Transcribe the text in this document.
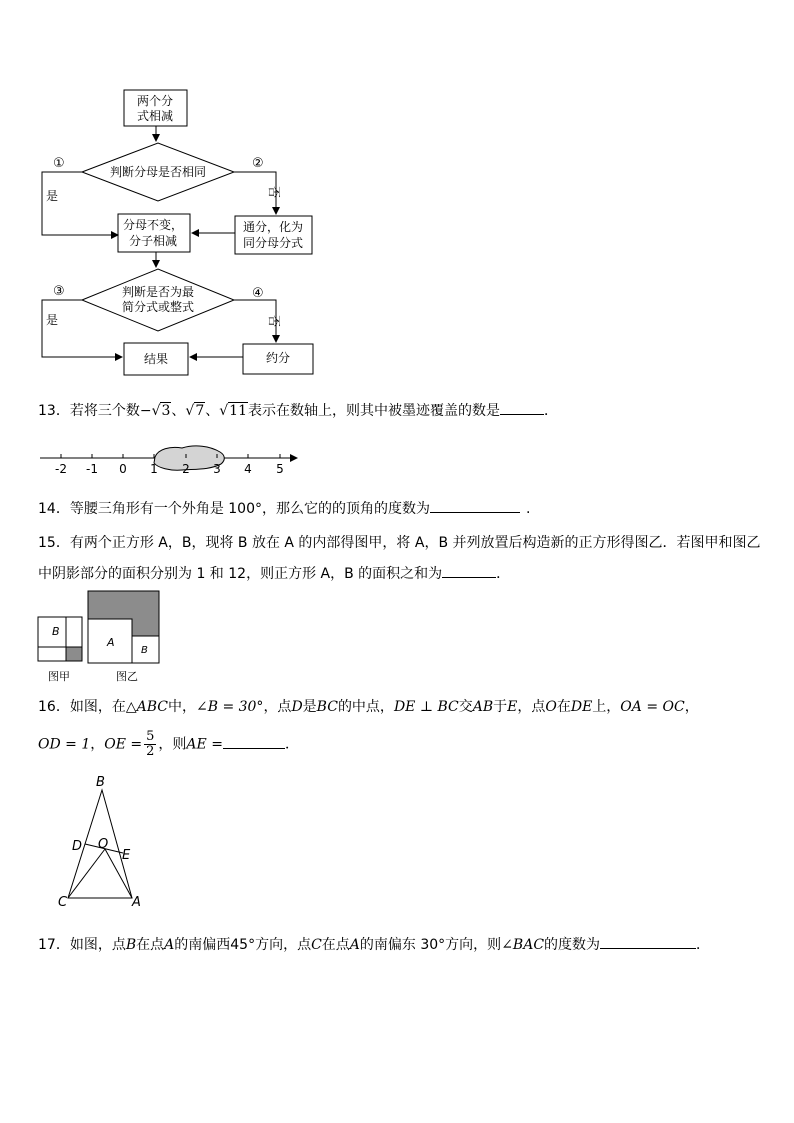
两个分
式相减
判断分母是否相同
分母不变，
分子相减
通分，化为
同分母分式
判断是否为最
简分式或整式
结果	约分
①	②
③	④
是
是
否
否
13．若将三个数−√3、√7、√11表示在数轴上，则其中被墨迹覆盖的数是	．
-2 -1 0 1 2 3 4 5
14．等腰三角形有一个外角是 100°，那么它的的顶角的度数为	.
15．有两个正方形 A，B，现将 B 放在 A 的内部得图甲，将 A，B 并列放置后构造新的正方形得图乙．若图甲和图乙
中阴影部分的面积分别为 1 和 12，则正方形 A，B 的面积之和为	．
B
A
B
图甲	图乙
16．如图，在△ABC中，∠B = 30°，点D是BC的中点，DE ⊥ BC交AB于E，点O在DE上，OA = OC，
OD = 1，OE = $\frac{5}{2}$ ，则AE =	．
B
D O
E
C	A
17．如图，点B在点A的南偏西45°方向，点C在点A的南偏东 30°方向，则∠BAC的度数为	．
